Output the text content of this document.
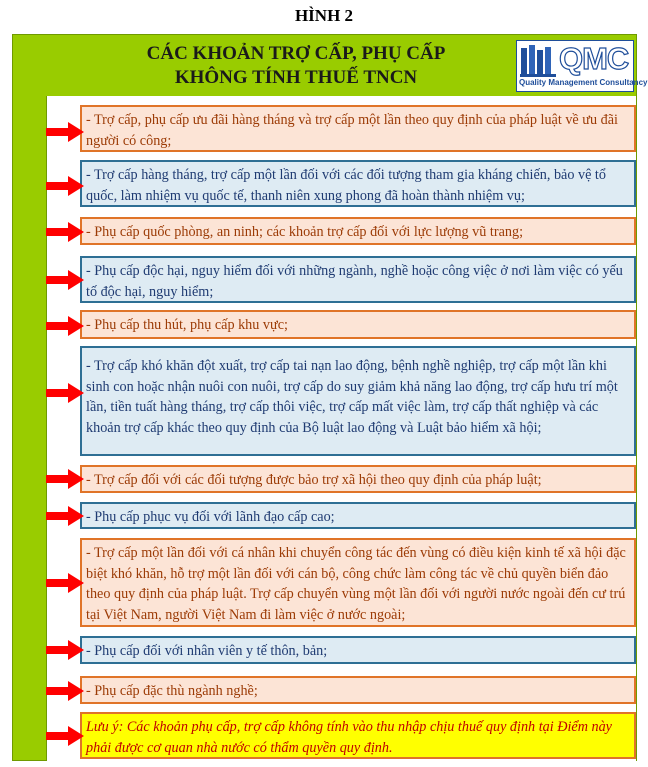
HÌNH 2
CÁC KHOẢN TRỢ CẤP, PHỤ CẤP
KHÔNG TÍNH THUẾ TNCN
QMC
Quality Management Consultancy
- Trợ cấp, phụ cấp ưu đãi hàng tháng và trợ cấp một lần theo quy định của pháp luật về ưu đãi người có công;
- Trợ cấp hàng tháng, trợ cấp một lần đối với các đối tượng tham gia kháng chiến, bảo vệ tổ quốc, làm nhiệm vụ quốc tế, thanh niên xung phong đã hoàn thành nhiệm vụ;
- Phụ cấp quốc phòng, an ninh; các khoản trợ cấp đối với lực lượng vũ trang;
- Phụ cấp độc hại, nguy hiểm đối với những ngành, nghề hoặc công việc ở nơi làm việc có yếu tố độc hại, nguy hiểm;
- Phụ cấp thu hút, phụ cấp khu vực;
- Trợ cấp khó khăn đột xuất, trợ cấp tai nạn lao động, bệnh nghề nghiệp, trợ cấp một lần khi sinh con hoặc nhận nuôi con nuôi, trợ cấp do suy giảm khả năng lao động, trợ cấp hưu trí một lần, tiền tuất hàng tháng, trợ cấp thôi việc, trợ cấp mất việc làm, trợ cấp thất nghiệp và các khoản trợ cấp khác theo quy định của Bộ luật lao động và Luật bảo hiểm xã hội;
- Trợ cấp đối với các đối tượng được bảo trợ xã hội theo quy định của pháp luật;
- Phụ cấp phục vụ đối với lãnh đạo cấp cao;
- Trợ cấp một lần đối với cá nhân khi chuyển công tác đến vùng có điều kiện kinh tế xã hội đặc biệt khó khăn, hỗ trợ một lần đối với cán bộ, công chức làm công tác về chủ quyền biển đảo theo quy định của pháp luật. Trợ cấp chuyển vùng một lần đối với người nước ngoài đến cư trú tại Việt Nam, người Việt Nam đi làm việc ở nước ngoài;
- Phụ cấp đối với nhân viên y tế thôn, bản;
- Phụ cấp đặc thù ngành nghề;
Lưu ý: Các khoản phụ cấp, trợ cấp không tính vào thu nhập chịu thuế quy định tại Điểm này phải được cơ quan nhà nước có thẩm quyền quy định.
